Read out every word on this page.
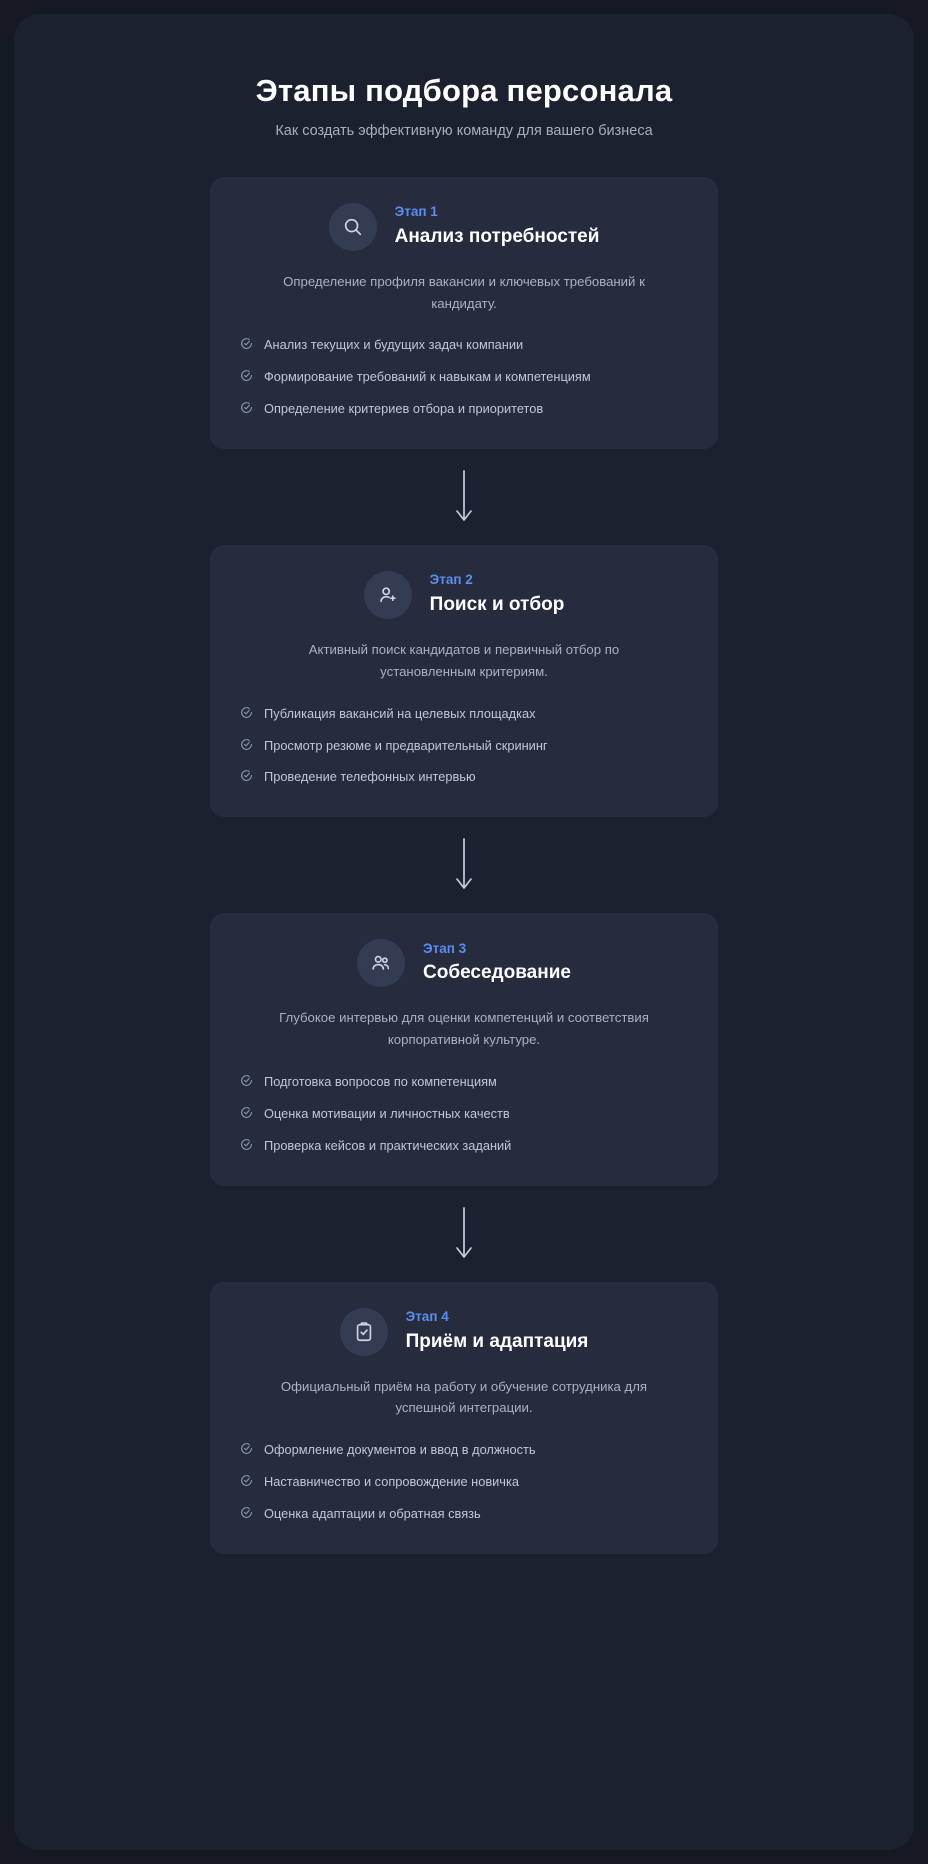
Этапы подбора персонала
Как создать эффективную команду для вашего бизнеса
Этап 1
Анализ потребностей
Определение профиля вакансии и ключевых требований к кандидату.
Анализ текущих и будущих задач компании
Формирование требований к навыкам и компетенциям
Определение критериев отбора и приоритетов
Этап 2
Поиск и отбор
Активный поиск кандидатов и первичный отбор по установленным критериям.
Публикация вакансий на целевых площадках
Просмотр резюме и предварительный скрининг
Проведение телефонных интервью
Этап 3
Собеседование
Глубокое интервью для оценки компетенций и соответствия корпоративной культуре.
Подготовка вопросов по компетенциям
Оценка мотивации и личностных качеств
Проверка кейсов и практических заданий
Этап 4
Приём и адаптация
Официальный приём на работу и обучение сотрудника для успешной интеграции.
Оформление документов и ввод в должность
Наставничество и сопровождение новичка
Оценка адаптации и обратная связь
